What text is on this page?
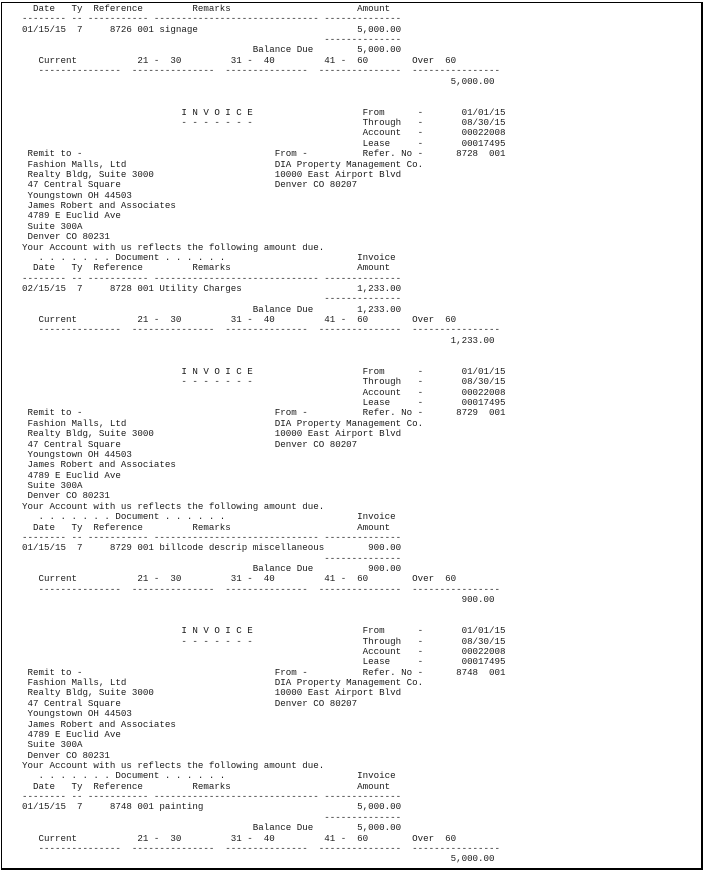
Date   Ty  Reference         Remarks                       Amount
-------- -- ----------- ------------------------------ --------------
01/15/15  7     8726 001 signage                             5,000.00
--------------
Balance Due        5,000.00
Current           21 -  30         31 -  40         41 -  60        Over  60
---------------  ---------------  ---------------  ---------------  ----------------
5,000.00
I N V O I C E                    From      -       01/01/15
- - - - - - -                    Through   -       08/30/15
Account   -       00022008
Lease     -       00017495
Remit to -                                   From -          Refer. No -      8728  001
Fashion Malls, Ltd                           DIA Property Management Co.
Realty Bldg, Suite 3000                      10000 East Airport Blvd
47 Central Square                            Denver CO 80207
Youngstown OH 44503
James Robert and Associates
4789 E Euclid Ave
Suite 300A
Denver CO 80231
Your Account with us reflects the following amount due.
. . . . . . . Document . . . . . .                        Invoice
Date   Ty  Reference         Remarks                       Amount
-------- -- ----------- ------------------------------ --------------
02/15/15  7     8728 001 Utility Charges                     1,233.00
--------------
Balance Due        1,233.00
Current           21 -  30         31 -  40         41 -  60        Over  60
---------------  ---------------  ---------------  ---------------  ----------------
1,233.00
I N V O I C E                    From      -       01/01/15
- - - - - - -                    Through   -       08/30/15
Account   -       00022008
Lease     -       00017495
Remit to -                                   From -          Refer. No -      8729  001
Fashion Malls, Ltd                           DIA Property Management Co.
Realty Bldg, Suite 3000                      10000 East Airport Blvd
47 Central Square                            Denver CO 80207
Youngstown OH 44503
James Robert and Associates
4789 E Euclid Ave
Suite 300A
Denver CO 80231
Your Account with us reflects the following amount due.
. . . . . . . Document . . . . . .                        Invoice
Date   Ty  Reference         Remarks                       Amount
-------- -- ----------- ------------------------------ --------------
01/15/15  7     8729 001 billcode descrip miscellaneous        900.00
--------------
Balance Due          900.00
Current           21 -  30         31 -  40         41 -  60        Over  60
---------------  ---------------  ---------------  ---------------  ----------------
900.00
I N V O I C E                    From      -       01/01/15
- - - - - - -                    Through   -       08/30/15
Account   -       00022008
Lease     -       00017495
Remit to -                                   From -          Refer. No -      8748  001
Fashion Malls, Ltd                           DIA Property Management Co.
Realty Bldg, Suite 3000                      10000 East Airport Blvd
47 Central Square                            Denver CO 80207
Youngstown OH 44503
James Robert and Associates
4789 E Euclid Ave
Suite 300A
Denver CO 80231
Your Account with us reflects the following amount due.
. . . . . . . Document . . . . . .                        Invoice
Date   Ty  Reference         Remarks                       Amount
-------- -- ----------- ------------------------------ --------------
01/15/15  7     8748 001 painting                            5,000.00
--------------
Balance Due        5,000.00
Current           21 -  30         31 -  40         41 -  60        Over  60
---------------  ---------------  ---------------  ---------------  ----------------
5,000.00
